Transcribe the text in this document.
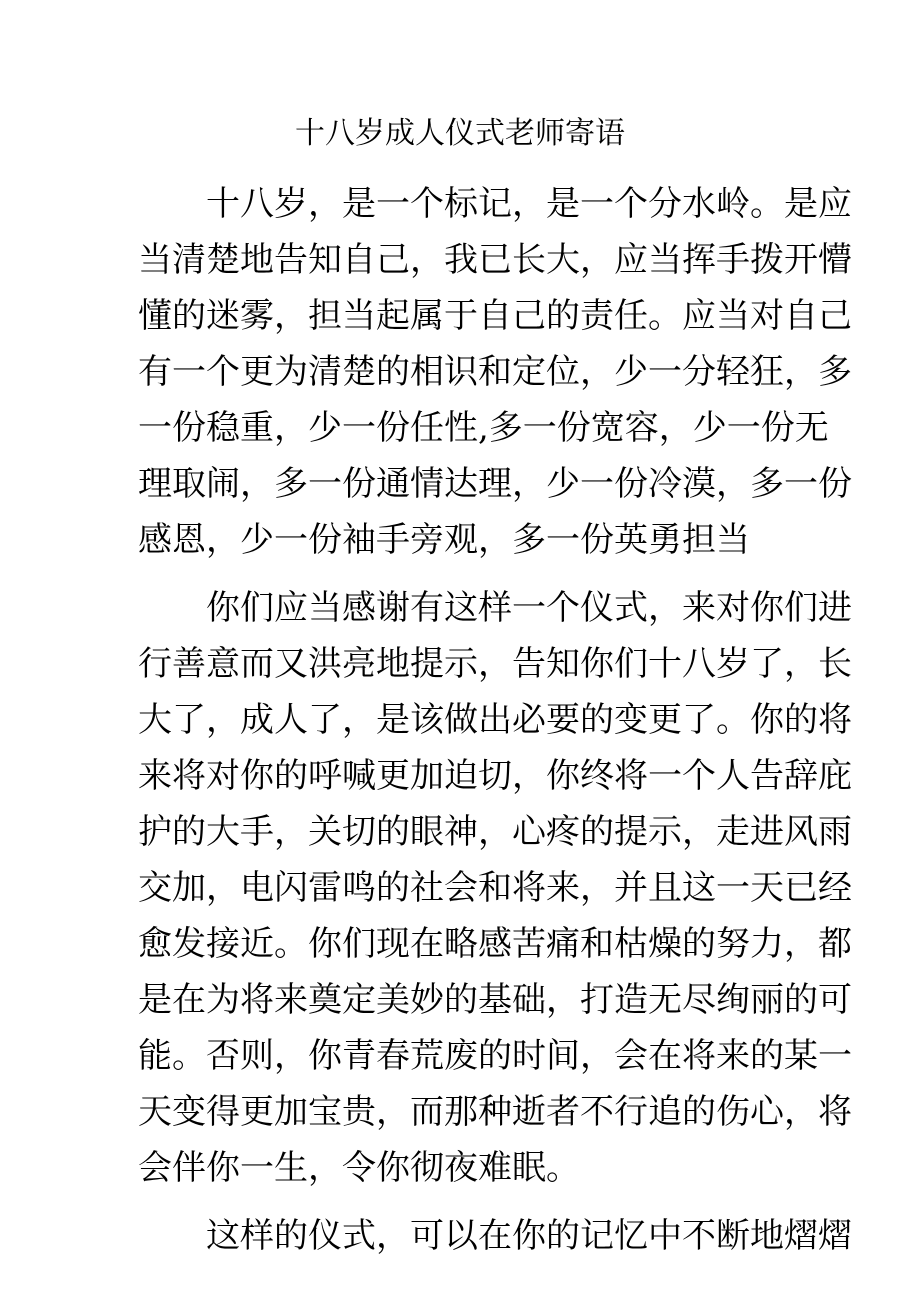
十八岁成人仪式老师寄语

十八岁，是一个标记，是一个分水岭。是应

当清楚地告知自己，我已长大，应当挥手拨开懵

懂的迷雾，担当起属于自己的责任。应当对自己

有一个更为清楚的相识和定位，少一分轻狂，多

一份稳重，少一份任性,多一份宽容，少一份无

理取闹，多一份通情达理，少一份冷漠，多一份

感恩，少一份袖手旁观，多一份英勇担当

你们应当感谢有这样一个仪式，来对你们进

行善意而又洪亮地提示，告知你们十八岁了，长

大了，成人了，是该做出必要的变更了。你的将

来将对你的呼喊更加迫切，你终将一个人告辞庇

护的大手，关切的眼神，心疼的提示，走进风雨

交加，电闪雷鸣的社会和将来，并且这一天已经

愈发接近。你们现在略感苦痛和枯燥的努力，都

是在为将来奠定美妙的基础，打造无尽绚丽的可

能。否则，你青春荒废的时间，会在将来的某一

天变得更加宝贵，而那种逝者不行追的伤心，将

会伴你一生，令你彻夜难眠。

这样的仪式，可以在你的记忆中不断地熠熠
